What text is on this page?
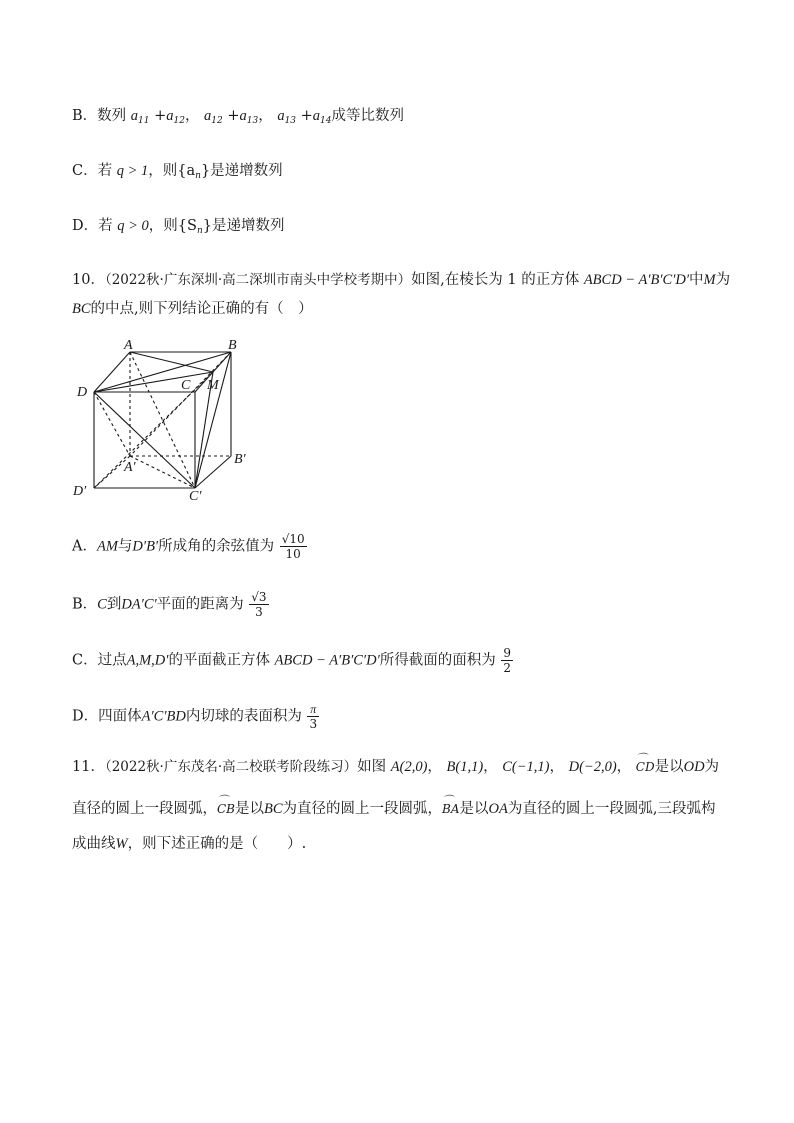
B．数列 $a_{11} +a_{12}$， $a_{12} +a_{13}$， $a_{13} +a_{14}$成等比数列
C．若 q > 1，则$\{a_n\}$是递增数列
D．若 q > 0，则$\{S_n\}$是递增数列
10．（2022秋·广东深圳·高二深圳市南头中学校考期中）如图,在棱长为 1 的正方体 ABCD − A′B′C′D′中M为
BC的中点,则下列结论正确的有（　）
A	B
C M
D
A′
B′
C′
D′
A．AM与D′B′所成角的余弦值为 $\frac{√10}{10}$
B．C到DA′C′平面的距离为 $\frac{√3}{3}$
C．过点A,M,D′的平面截正方体 ABCD − A′B′C′D′所得截面的面积为 $\frac{9}{2}$
D．四面体A′C′BD内切球的表面积为 $\frac{\pi}{3}$
11．（2022秋·广东茂名·高二校联考阶段练习）如图 A(2,0)， B(1,1)， C(−1,1)， D(−2,0)， ⌒ CD是以OD为
直径的圆上一段圆弧，⌒ CB是以BC为直径的圆上一段圆弧，⌒ BA是以OA为直径的圆上一段圆弧,三段弧构
成曲线W，则下述正确的是（　　）.
